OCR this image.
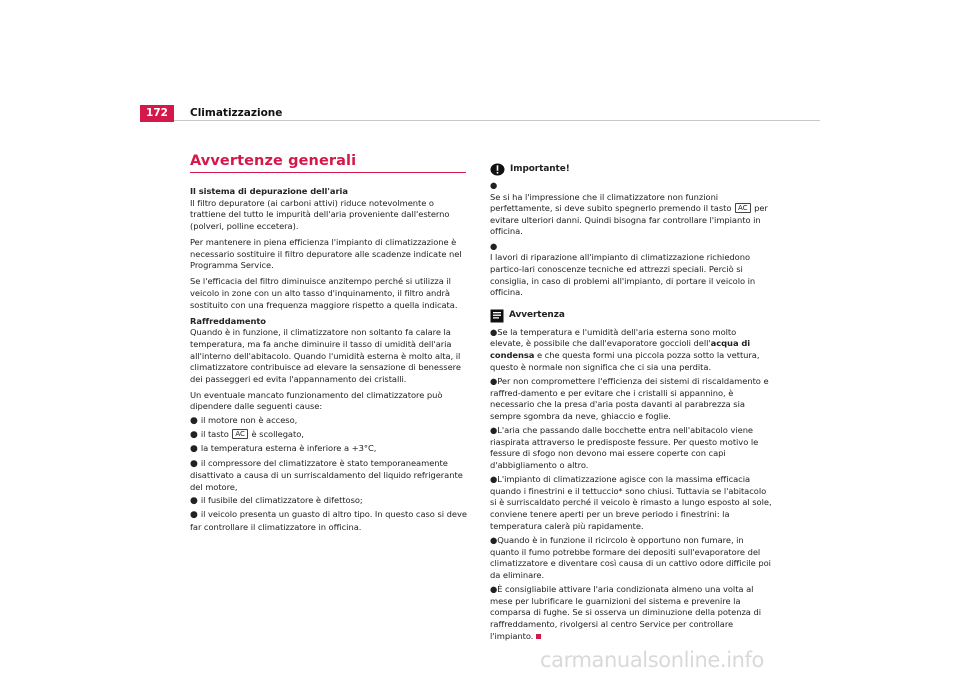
172	Climatizzazione
Avvertenze generali
Il sistema di depurazione dell'aria

Il filtro depuratore (ai carboni attivi) riduce notevolmente o trattiene del tutto le impurità dell'aria proveniente dall'esterno (polveri, polline eccetera).

Per mantenere in piena efficienza l'impianto di climatizzazione è necessario sostituire il filtro depuratore alle scadenze indicate nel Programma Service.

Se l'efficacia del filtro diminuisce anzitempo perché si utilizza il veicolo in zone con un alto tasso d'inquinamento, il filtro andrà sostituito con una frequenza maggiore rispetto a quella indicata.

Raffreddamento

Quando è in funzione, il climatizzatore non soltanto fa calare la temperatura, ma fa anche diminuire il tasso di umidità dell'aria all'interno dell'abitacolo. Quando l'umidità esterna è molto alta, il climatizzatore contribuisce ad elevare la sensazione di benessere dei passeggeri ed evita l'appannamento dei cristalli.

Un eventuale mancato funzionamento del climatizzatore può dipendere dalle seguenti cause:

● il motore non è acceso,
● il tasto AC è scollegato,
● la temperatura esterna è inferiore a +3°C,
● il compressore del climatizzatore è stato temporaneamente disattivato a causa di un surriscaldamento del liquido refrigerante del motore,
● il fusibile del climatizzatore è difettoso;
● il veicolo presenta un guasto di altro tipo. In questo caso si deve far controllare il climatizzatore in officina.
Importante!
●
Se si ha l'impressione che il climatizzatore non funzioni perfettamente, si deve subito spegnerlo premendo il tasto AC per evitare ulteriori danni. Quindi bisogna far controllare l'impianto in officina.
●
I lavori di riparazione all'impianto di climatizzazione richiedono partico-lari conoscenze tecniche ed attrezzi speciali. Perciò si consiglia, in caso di problemi all'impianto, di portare il veicolo in officina.
Avvertenza
●Se la temperatura e l'umidità dell'aria esterna sono molto elevate, è possibile che dall'evaporatore goccioli dell'acqua di condensa e che questa formi una piccola pozza sotto la vettura, questo è normale non significa che ci sia una perdita.
●Per non compromettere l'efficienza dei sistemi di riscaldamento e raffred-damento e per evitare che i cristalli si appannino, è necessario che la presa d'aria posta davanti al parabrezza sia sempre sgombra da neve, ghiaccio e foglie.
●L'aria che passando dalle bocchette entra nell'abitacolo viene riaspirata attraverso le predisposte fessure. Per questo motivo le fessure di sfogo non devono mai essere coperte con capi d'abbigliamento o altro.
●L'impianto di climatizzazione agisce con la massima efficacia quando i finestrini e il tettuccio* sono chiusi. Tuttavia se l'abitacolo si è surriscaldato perché il veicolo è rimasto a lungo esposto al sole, conviene tenere aperti per un breve periodo i finestrini: la temperatura calerà più rapidamente.
●Quando è in funzione il ricircolo è opportuno non fumare, in quanto il fumo potrebbe formare dei depositi sull'evaporatore del climatizzatore e diventare così causa di un cattivo odore difficile poi da eliminare.
●È consigliabile attivare l'aria condizionata almeno una volta al mese per lubrificare le guarnizioni del sistema e prevenire la comparsa di fughe. Se si osserva un diminuzione della potenza di raffreddamento, rivolgersi al centro Service per controllare l'impianto.
carmanualsonline.info
